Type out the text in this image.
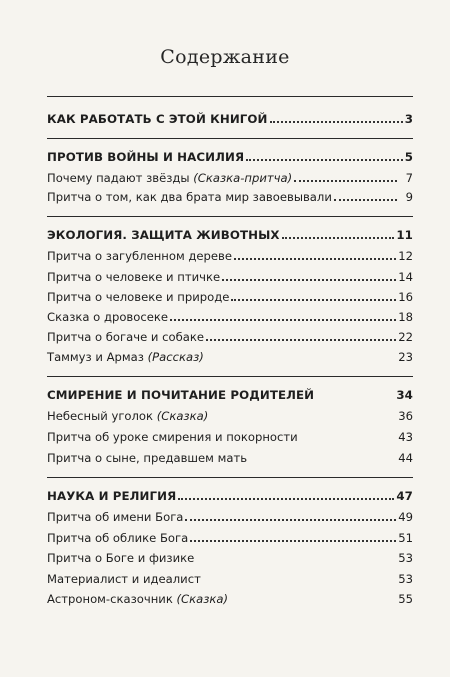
Содержание
КАК РАБОТАТЬ С ЭТОЙ КНИГОЙ	3
ПРОТИВ ВОЙНЫ И НАСИЛИЯ	5
Почему падают звёзды (Сказка-притча)	7
Притча о том, как два брата мир завоевывали	9
ЭКОЛОГИЯ. ЗАЩИТА ЖИВОТНЫХ	11
Притча о загубленном дереве	12
Притча о человеке и птичке	14
Притча о человеке и природе	16
Сказка о дровосеке	18
Притча о богаче и собаке	22
Таммуз и Армаз (Рассказ)	23
СМИРЕНИЕ И ПОЧИТАНИЕ РОДИТЕЛЕЙ	34
Небесный уголок (Сказка)	36
Притча об уроке смирения и покорности	43
Притча о сыне, предавшем мать	44
НАУКА И РЕЛИГИЯ	47
Притча об имени Бога	49
Притча об облике Бога	51
Притча о Боге и физике	53
Материалист и идеалист	53
Астроном-сказочник (Сказка)	55
